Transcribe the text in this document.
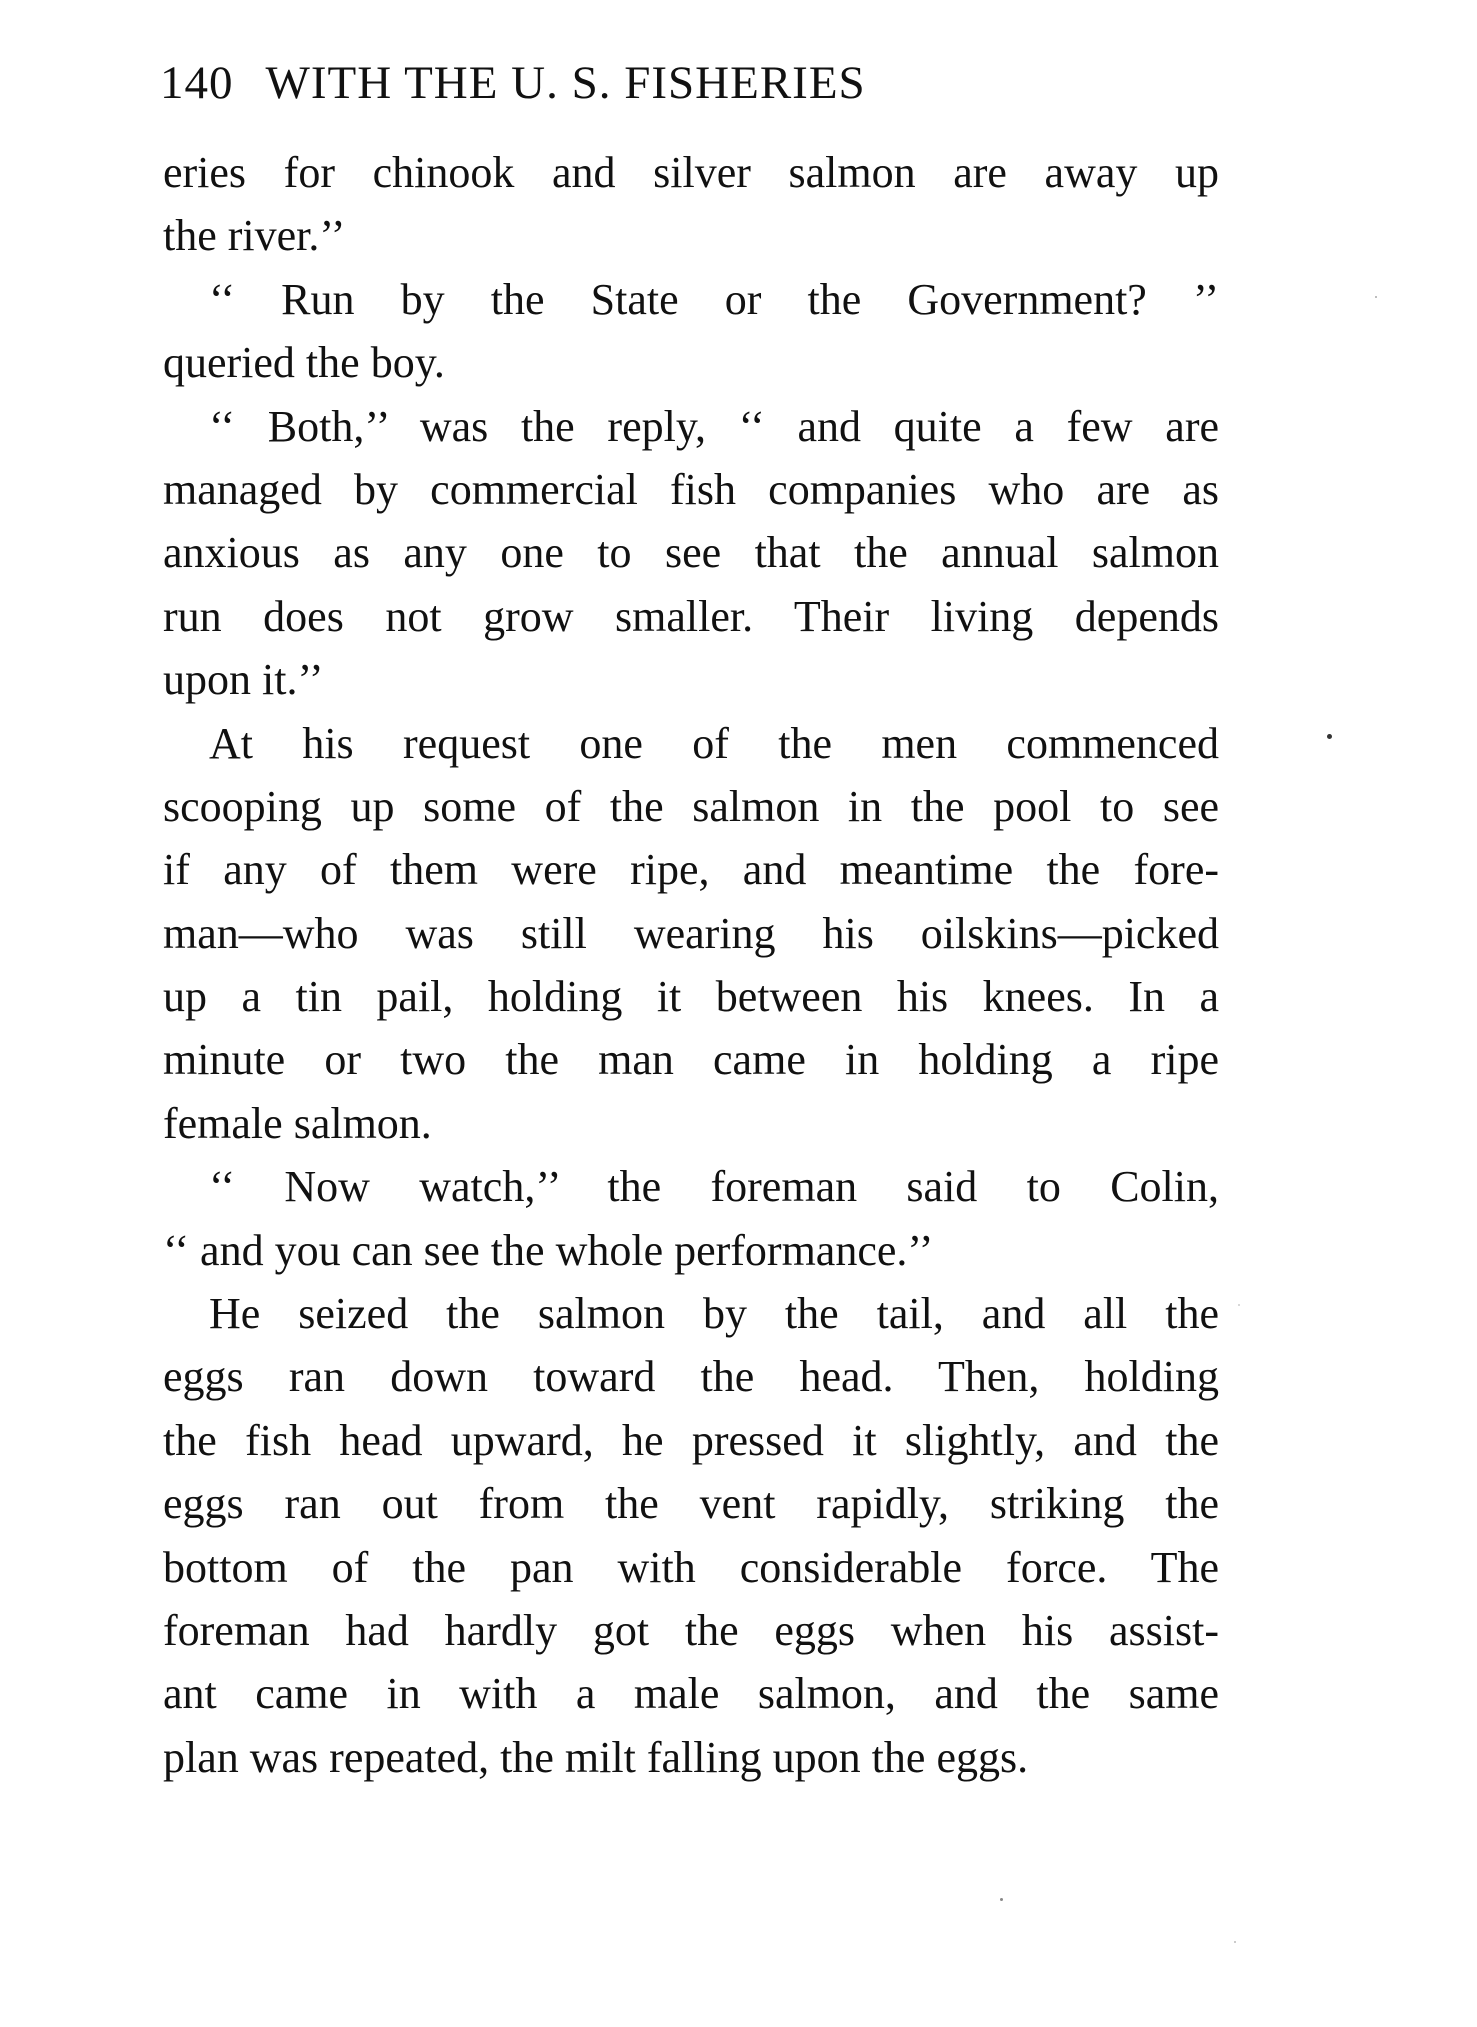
140 WITH THE U. S. FISHERIES
eries for chinook and silver salmon are away up
the river.’’
‘‘ Run by the State or the Government? ’’
queried the boy.
‘‘ Both,’’ was the reply, ‘‘ and quite a few are
managed by commercial fish companies who are as
anxious as any one to see that the annual salmon
run does not grow smaller. Their living depends
upon it.’’
At his request one of the men commenced
scooping up some of the salmon in the pool to see
if any of them were ripe, and meantime the fore-
man—who was still wearing his oilskins—picked
up a tin pail, holding it between his knees. In a
minute or two the man came in holding a ripe
female salmon.
‘‘ Now watch,’’ the foreman said to Colin,
‘‘ and you can see the whole performance.’’
He seized the salmon by the tail, and all the
eggs ran down toward the head. Then, holding
the fish head upward, he pressed it slightly, and the
eggs ran out from the vent rapidly, striking the
bottom of the pan with considerable force. The
foreman had hardly got the eggs when his assist-
ant came in with a male salmon, and the same
plan was repeated, the milt falling upon the eggs.
